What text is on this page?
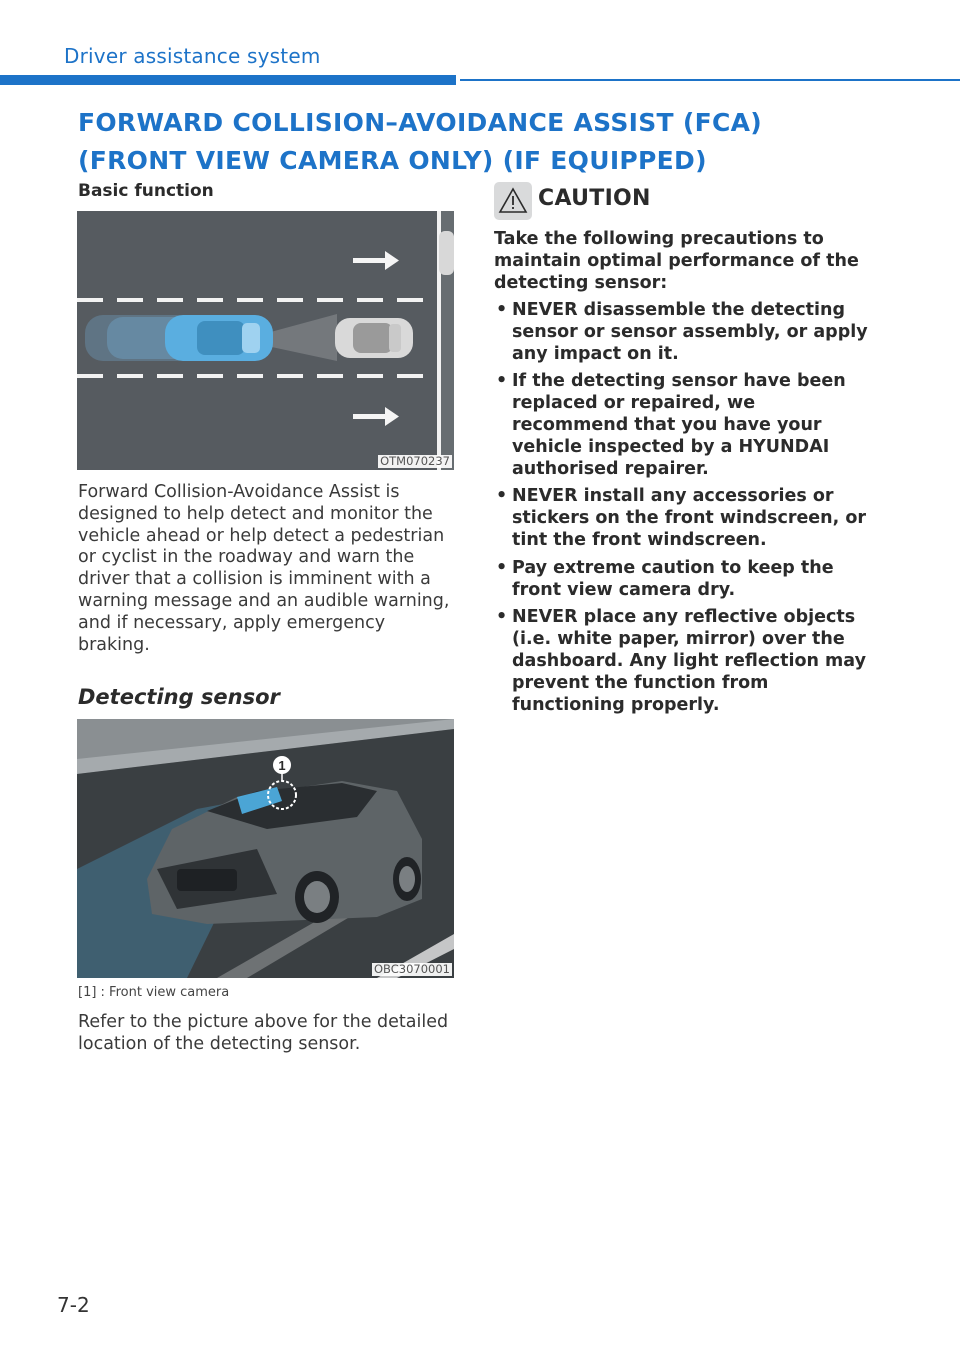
Driver assistance system
FORWARD COLLISION–AVOIDANCE ASSIST (FCA)
(FRONT VIEW CAMERA ONLY) (IF EQUIPPED)
Basic function
OTM070237
Forward Collision-Avoidance Assist is designed to help detect and monitor the vehicle ahead or help detect a pedestrian or cyclist in the roadway and warn the driver that a collision is imminent with a warning message and an audible warning, and if necessary, apply emergency braking.
Detecting sensor
1
OBC3070001
[1] : Front view camera
Refer to the picture above for the detailed location of the detecting sensor.
CAUTION
Take the following precautions to maintain optimal performance of the detecting sensor:
• NEVER disassemble the detecting sensor or sensor assembly, or apply any impact on it.
• If the detecting sensor have been replaced or repaired, we recommend that you have your vehicle inspected by a HYUNDAI authorised repairer.
• NEVER install any accessories or stickers on the front windscreen, or tint the front windscreen.
• Pay extreme caution to keep the front view camera dry.
• NEVER place any reflective objects (i.e. white paper, mirror) over the dashboard. Any light reflection may prevent the function from functioning properly.
7-2
